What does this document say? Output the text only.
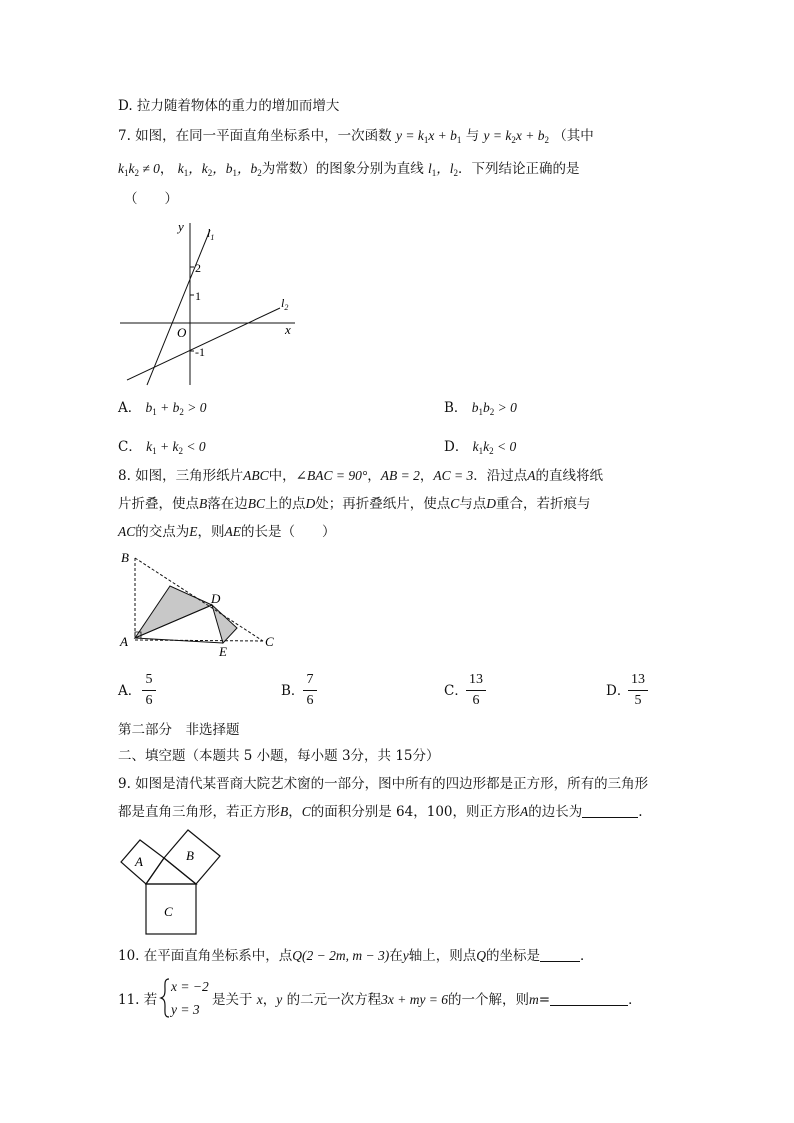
D. 拉力随着物体的重力的增加而增大
7. 如图，在同一平面直角坐标系中，一次函数 $y = k_1x + b_1$ 与 $y = k_2x + b_2$ （其中
$k_1k_2 \ne 0$， $k_1$，$k_2$，$b_1$，$b_2$为常数）的图象分别为直线 $l_1$，$l_2$．下列结论正确的是
（　　）
y
x
O
2
1
-1
$l_1$
$l_2$
A． $b_1 + b_2 > 0$	B． $b_1b_2 > 0$
C． $k_1 + k_2 < 0$	D． $k_1k_2 < 0$
8. 如图，三角形纸片ABC中，∠BAC = 90°，AB = 2，AC = 3．沿过点A的直线将纸
片折叠，使点B落在边BC上的点D处；再折叠纸片，使点C与点D重合，若折痕与
AC的交点为E，则AE的长是（　　）
B
D
A
E
C
A．
5
6
B．
7
6
C．
13
6
D．
13
5
第二部分　非选择题
二、填空题（本题共 5 小题，每小题 3分，共 15分）
9. 如图是清代某晋商大院艺术窗的一部分，图中所有的四边形都是正方形，所有的三角形
都是直角三角形，若正方形B，C的面积分别是 64，100，则正方形A的边长为	.
A	B
C
10. 在平面直角坐标系中，点Q(2 − 2m, m − 3)在y轴上，则点Q的坐标是	．
11. 若
x = −2
y = 3
是关于 x，y 的二元一次方程3x + my = 6的一个解，则m=	．
